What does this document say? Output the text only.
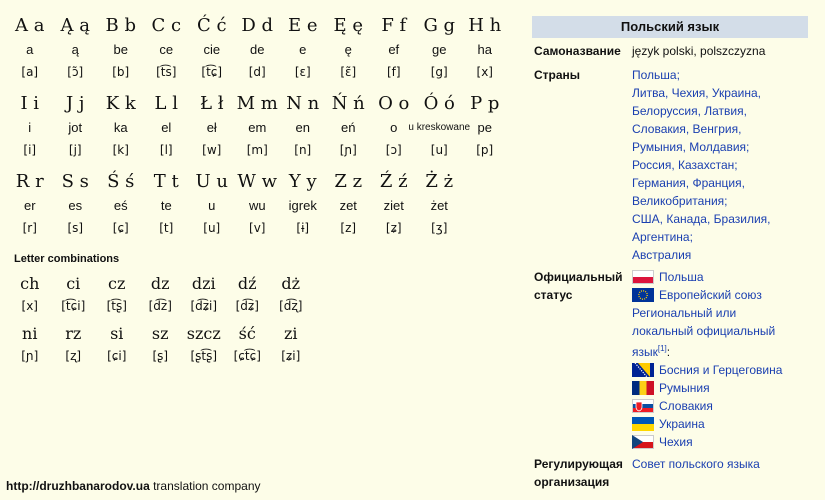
A a
a
[a]
Ą ą
ą
[ɔ̃]
B b
be
[b]
C c
ce
[t͡s]
Ć ć
cie
[t͡ɕ]
D d
de
[d]
E e
e
[ɛ]
Ę ę
ę
[ɛ̃]
F f
ef
[f]
G g
ge
[g]
H h
ha
[x]
I i
i
[i]
J j
jot
[j]
K k
ka
[k]
L l
el
[l]
Ł ł
eł
[w]
M m
em
[m]
N n
en
[n]
Ń ń
eń
[ɲ]
O o
o
[ɔ]
Ó ó
u kreskowane
[u]
P p
pe
[p]
R r
er
[r]
S s
es
[s]
Ś ś
eś
[ɕ]
T t
te
[t]
U u
u
[u]
W w
wu
[v]
Y y
igrek
[ɨ]
Z z
zet
[z]
Ź ź
ziet
[ʑ]
Ż ż
żet
[ʒ]
Letter combinations
ch
[x]
ci
[t͡ɕi]
cz
[t͡ʂ]
dz
[d͡z]
dzi
[d͡ʑi]
dź
[d͡ʑ]
dż
[d͡ʐ]
ni
[ɲ]
rz
[ʐ]
si
[ɕi]
sz
[ʂ]
szcz
[ʂt͡ʂ]
ść
[ɕt͡ɕ]
zi
[ʑi]
http://druzhbanarodov.ua translation company
Польский язык
Самоназвание język polski, polszczyzna
Страны	Польша;
Литва, Чехия, Украина,
Белоруссия, Латвия,
Словакия, Венгрия,
Румыния, Молдавия;
Россия, Казахстан;
Германия, Франция,
Великобритания;
США, Канада, Бразилия,
Аргентина;
Австралия
Официальный
статус
Польша
Европейский союз
Региональный или
локальный официальный
язык[1]:
Босния и Герцеговина
Румыния
Словакия
Украина
Чехия
Регулирующая
организация
Совет польского языка
